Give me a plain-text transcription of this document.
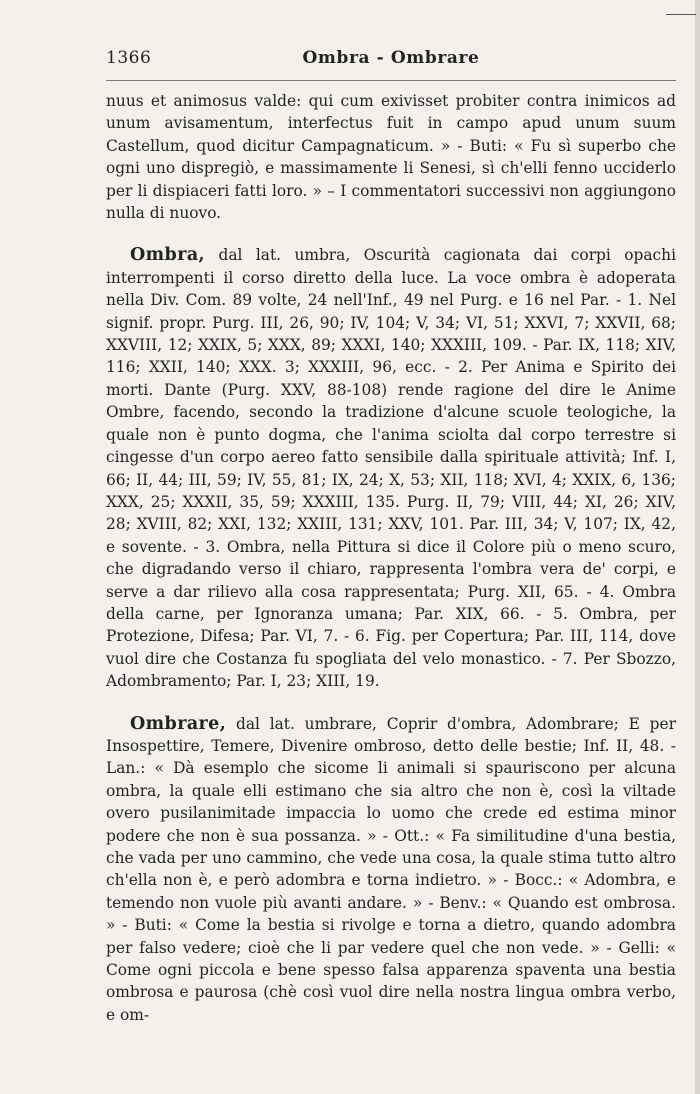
1366	Ombra - Ombrare

nuus et animosus valde: qui cum exivisset probiter contra inimicos ad unum avisamentum, interfectus fuit in campo apud unum suum Castellum, quod dicitur Campagnaticum. » - Buti: « Fu sì superbo che ogni uno dispregiò, e massimamente li Senesi, sì ch'elli fenno ucciderlo per li dispiaceri fatti loro. » – I commentatori successivi non aggiungono nulla di nuovo.

Ombra, dal lat. umbra, Oscurità cagionata dai corpi opachi interrompenti il corso diretto della luce. La voce ombra è adoperata nella Div. Com. 89 volte, 24 nell'Inf., 49 nel Purg. e 16 nel Par. - 1. Nel signif. propr. Purg. III, 26, 90; IV, 104; V, 34; VI, 51; XXVI, 7; XXVII, 68; XXVIII, 12; XXIX, 5; XXX, 89; XXXI, 140; XXXIII, 109. - Par. IX, 118; XIV, 116; XXII, 140; XXX. 3; XXXIII, 96, ecc. - 2. Per Anima e Spirito dei morti. Dante (Purg. XXV, 88-108) rende ragione del dire le Anime Ombre, facendo, secondo la tradizione d'alcune scuole teologiche, la quale non è punto dogma, che l'anima sciolta dal corpo terrestre si cingesse d'un corpo aereo fatto sensibile dalla spirituale attività; Inf. I, 66; II, 44; III, 59; IV, 55, 81; IX, 24; X, 53; XII, 118; XVI, 4; XXIX, 6, 136; XXX, 25; XXXII, 35, 59; XXXIII, 135. Purg. II, 79; VIII, 44; XI, 26; XIV, 28; XVIII, 82; XXI, 132; XXIII, 131; XXV, 101. Par. III, 34; V, 107; IX, 42, e sovente. - 3. Ombra, nella Pittura si dice il Colore più o meno scuro, che digradando verso il chiaro, rappresenta l'ombra vera de' corpi, e serve a dar rilievo alla cosa rappresentata; Purg. XII, 65. - 4. Ombra della carne, per Ignoranza umana; Par. XIX, 66. - 5. Ombra, per Protezione, Difesa; Par. VI, 7. - 6. Fig. per Copertura; Par. III, 114, dove vuol dire che Costanza fu spogliata del velo monastico. - 7. Per Sbozzo, Adombramento; Par. I, 23; XIII, 19.

Ombrare, dal lat. umbrare, Coprir d'ombra, Adombrare; E per Insospettire, Temere, Divenire ombroso, detto delle bestie; Inf. II, 48. - Lan.: « Dà esemplo che sicome li animali si spauriscono per alcuna ombra, la quale elli estimano che sia altro che non è, così la viltade overo pusilanimitade impaccia lo uomo che crede ed estima minor podere che non è sua possanza. » - Ott.: « Fa similitudine d'una bestia, che vada per uno cammino, che vede una cosa, la quale stima tutto altro ch'ella non è, e però adombra e torna indietro. » - Bocc.: « Adombra, e temendo non vuole più avanti andare. » - Benv.: « Quando est ombrosa. » - Buti: « Come la bestia si rivolge e torna a dietro, quando adombra per falso vedere; cioè che li par vedere quel che non vede. » - Gelli: « Come ogni piccola e bene spesso falsa apparenza spaventa una bestia ombrosa e paurosa (chè così vuol dire nella nostra lingua ombra verbo, e om-
